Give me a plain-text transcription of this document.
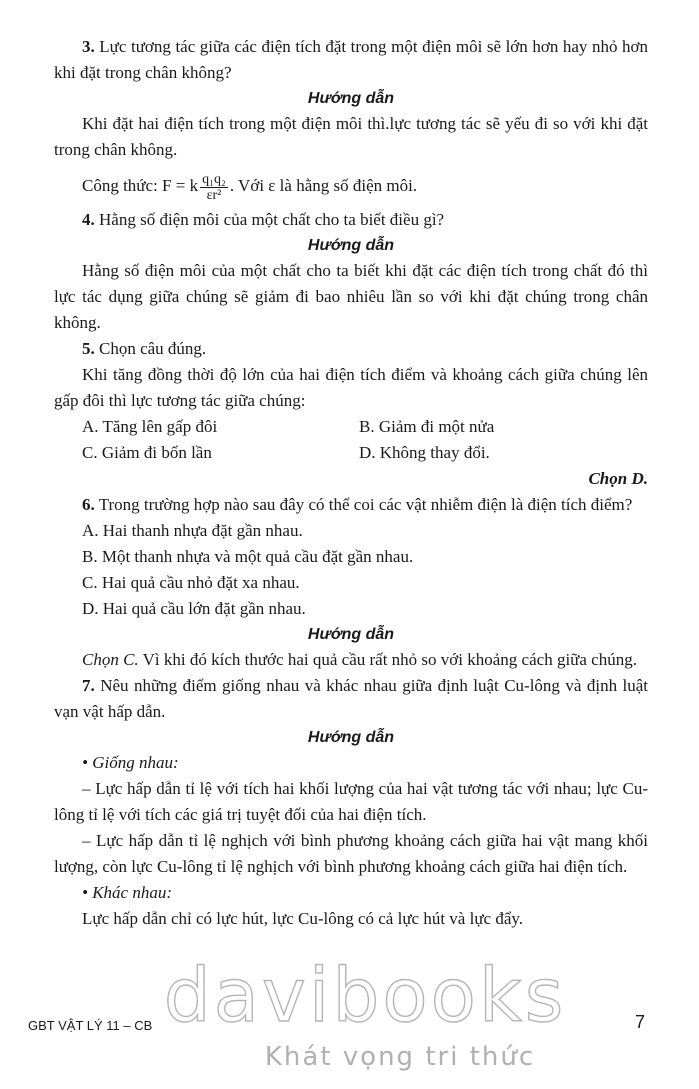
3. Lực tương tác giữa các điện tích đặt trong một điện môi sẽ lớn hơn hay nhỏ hơn khi đặt trong chân không?

Hướng dẫn

Khi đặt hai điện tích trong một điện môi thì.lực tương tác sẽ yếu đi so với khi đặt trong chân không.

Công thức: F = k $\frac{\text{q₁q₂}}{\text{εr²}}$ . Với ε là hằng số điện môi.

4. Hằng số điện môi của một chất cho ta biết điều gì?

Hướng dẫn

Hằng số điện môi của một chất cho ta biết khi đặt các điện tích trong chất đó thì lực tác dụng giữa chúng sẽ giảm đi bao nhiêu lần so với khi đặt chúng trong chân không.

5. Chọn câu đúng.

Khi tăng đồng thời độ lớn của hai điện tích điểm và khoảng cách giữa chúng lên gấp đôi thì lực tương tác giữa chúng:

A. Tăng lên gấp đôi	B. Giảm đi một nửa
C. Giảm đi bốn lần	D. Không thay đổi.

Chọn D.

6. Trong trường hợp nào sau đây có thể coi các vật nhiễm điện là điện tích điểm?

A. Hai thanh nhựa đặt gần nhau.

B. Một thanh nhựa và một quả cầu đặt gần nhau.

C. Hai quả cầu nhỏ đặt xa nhau.

D. Hai quả cầu lớn đặt gần nhau.

Hướng dẫn

Chọn C. Vì khi đó kích thước hai quả cầu rất nhỏ so với khoảng cách giữa chúng.

7. Nêu những điểm giống nhau và khác nhau giữa định luật Cu-lông và định luật vạn vật hấp dẫn.

Hướng dẫn

• Giống nhau:

– Lực hấp dẫn tỉ lệ với tích hai khối lượng của hai vật tương tác với nhau; lực Cu-lông tỉ lệ với tích các giá trị tuyệt đối của hai điện tích.

– Lực hấp dẫn tỉ lệ nghịch với bình phương khoảng cách giữa hai vật mang khối lượng, còn lực Cu-lông tỉ lệ nghịch với bình phương khoảng cách giữa hai điện tích.

• Khác nhau:

Lực hấp dẫn chỉ có lực hút, lực Cu-lông có cả lực hút và lực đẩy.

GBT VẬT LÝ 11 – CB	7
davibooks
Khát vọng tri thức
